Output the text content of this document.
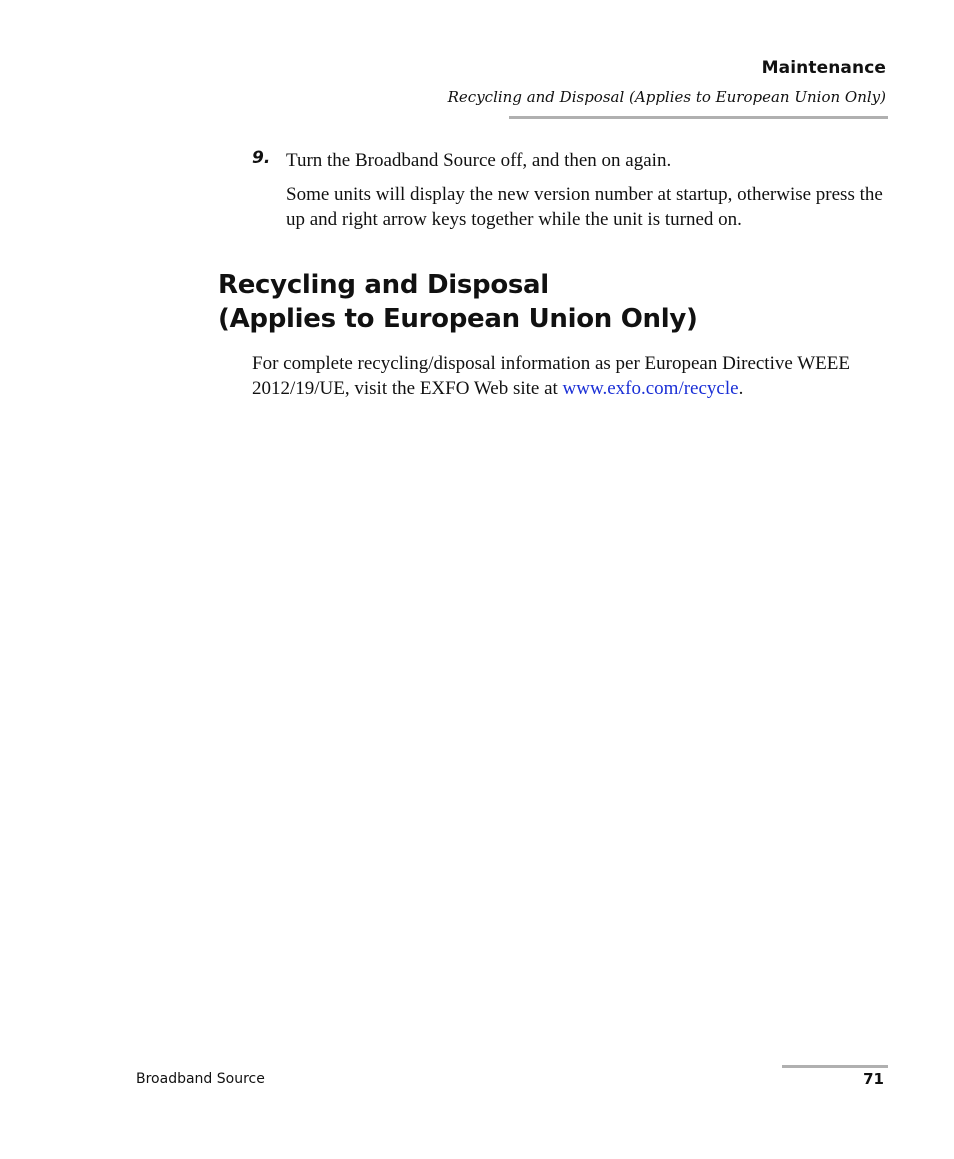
Maintenance
Recycling and Disposal (Applies to European Union Only)
9. Turn the Broadband Source off, and then on again.

Some units will display the new version number at startup, otherwise press the up and right arrow keys together while the unit is turned on.

Recycling and Disposal
(Applies to European Union Only)

For complete recycling/disposal information as per European Directive WEEE 2012/19/UE, visit the EXFO Web site at www.exfo.com/recycle.

Broadband Source	71
